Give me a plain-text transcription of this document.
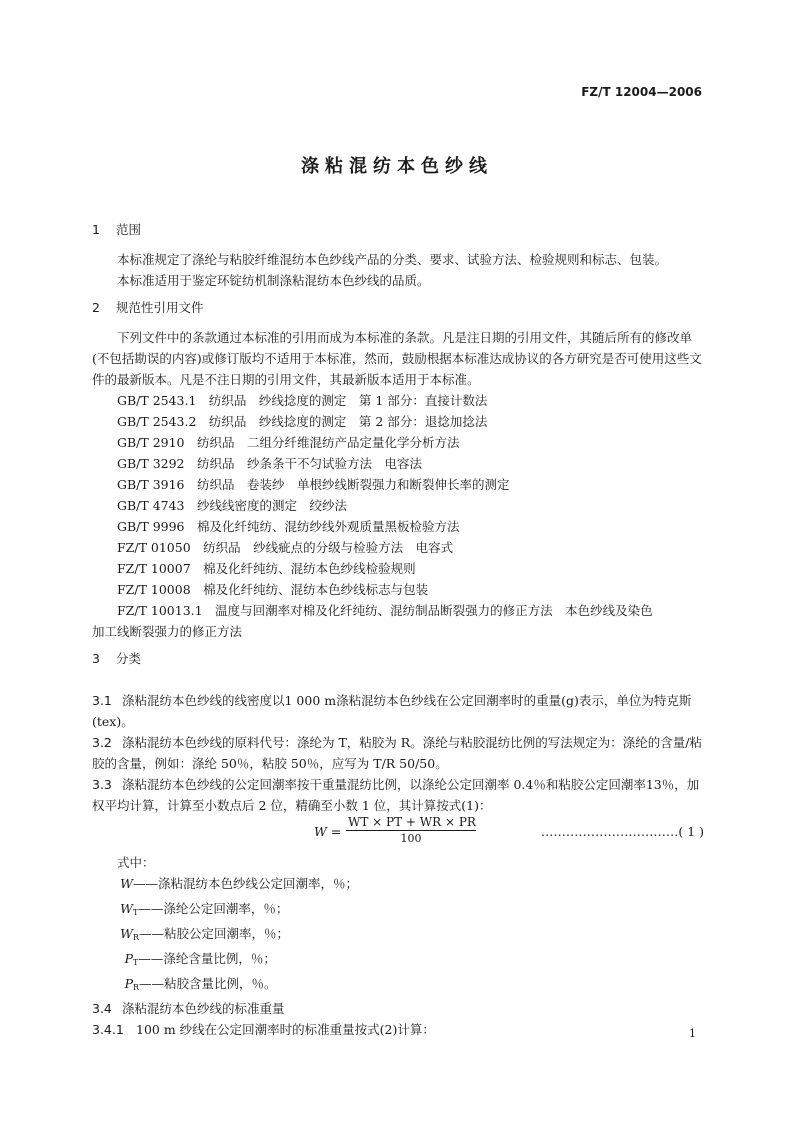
FZ/T 12004—2006
涤粘混纺本色纱线
1 范围

本标准规定了涤纶与粘胶纤维混纺本色纱线产品的分类、要求、试验方法、检验规则和标志、包装。

本标准适用于鉴定环锭纺机制涤粘混纺本色纱线的品质。

2 规范性引用文件

下列文件中的条款通过本标准的引用而成为本标准的条款。凡是注日期的引用文件，其随后所有的修改单(不包括勘误的内容)或修订版均不适用于本标准，然而，鼓励根据本标准达成协议的各方研究是否可使用这些文件的最新版本。凡是不注日期的引用文件，其最新版本适用于本标准。

GB/T 2543.1　纺织品　纱线捻度的测定　第 1 部分：直接计数法
GB/T 2543.2　纺织品　纱线捻度的测定　第 2 部分：退捻加捻法
GB/T 2910　纺织品　二组分纤维混纺产品定量化学分析方法
GB/T 3292　纺织品　纱条条干不匀试验方法　电容法
GB/T 3916　纺织品　卷装纱　单根纱线断裂强力和断裂伸长率的测定
GB/T 4743　纱线线密度的测定　绞纱法
GB/T 9996　棉及化纤纯纺、混纺纱线外观质量黑板检验方法
FZ/T 01050　纺织品　纱线疵点的分级与检验方法　电容式
FZ/T 10007　棉及化纤纯纺、混纺本色纱线检验规则
FZ/T 10008　棉及化纤纯纺、混纺本色纱线标志与包装
FZ/T 10013.1　温度与回潮率对棉及化纤纯纺、混纺制品断裂强力的修正方法　本色纱线及染色

加工线断裂强力的修正方法

3 分类

3.1 涤粘混纺本色纱线的线密度以1 000 m涤粘混纺本色纱线在公定回潮率时的重量(g)表示，单位为特克斯(tex)。

3.2 涤粘混纺本色纱线的原料代号：涤纶为 T，粘胶为 R。涤纶与粘胶混纺比例的写法规定为：涤纶的含量/粘胶的含量，例如：涤纶 50％，粘胶 50％，应写为 T/R 50/50。

3.3 涤粘混纺本色纱线的公定回潮率按干重量混纺比例，以涤纶公定回潮率 0.4％和粘胶公定回潮率13％，加权平均计算，计算至小数点后 2 位，精确至小数 1 位，其计算按式(1)：

$W = \frac{WT \times PT + WR \times PR}{100}$	……………………………( 1 )

式中：

W——涤粘混纺本色纱线公定回潮率，％；

WT——涤纶公定回潮率，％；

WR——粘胶公定回潮率，％；

PT——涤纶含量比例，％；

PR——粘胶含量比例，％。

3.4 涤粘混纺本色纱线的标准重量

3.4.1 100 m 纱线在公定回潮率时的标准重量按式(2)计算：	1
